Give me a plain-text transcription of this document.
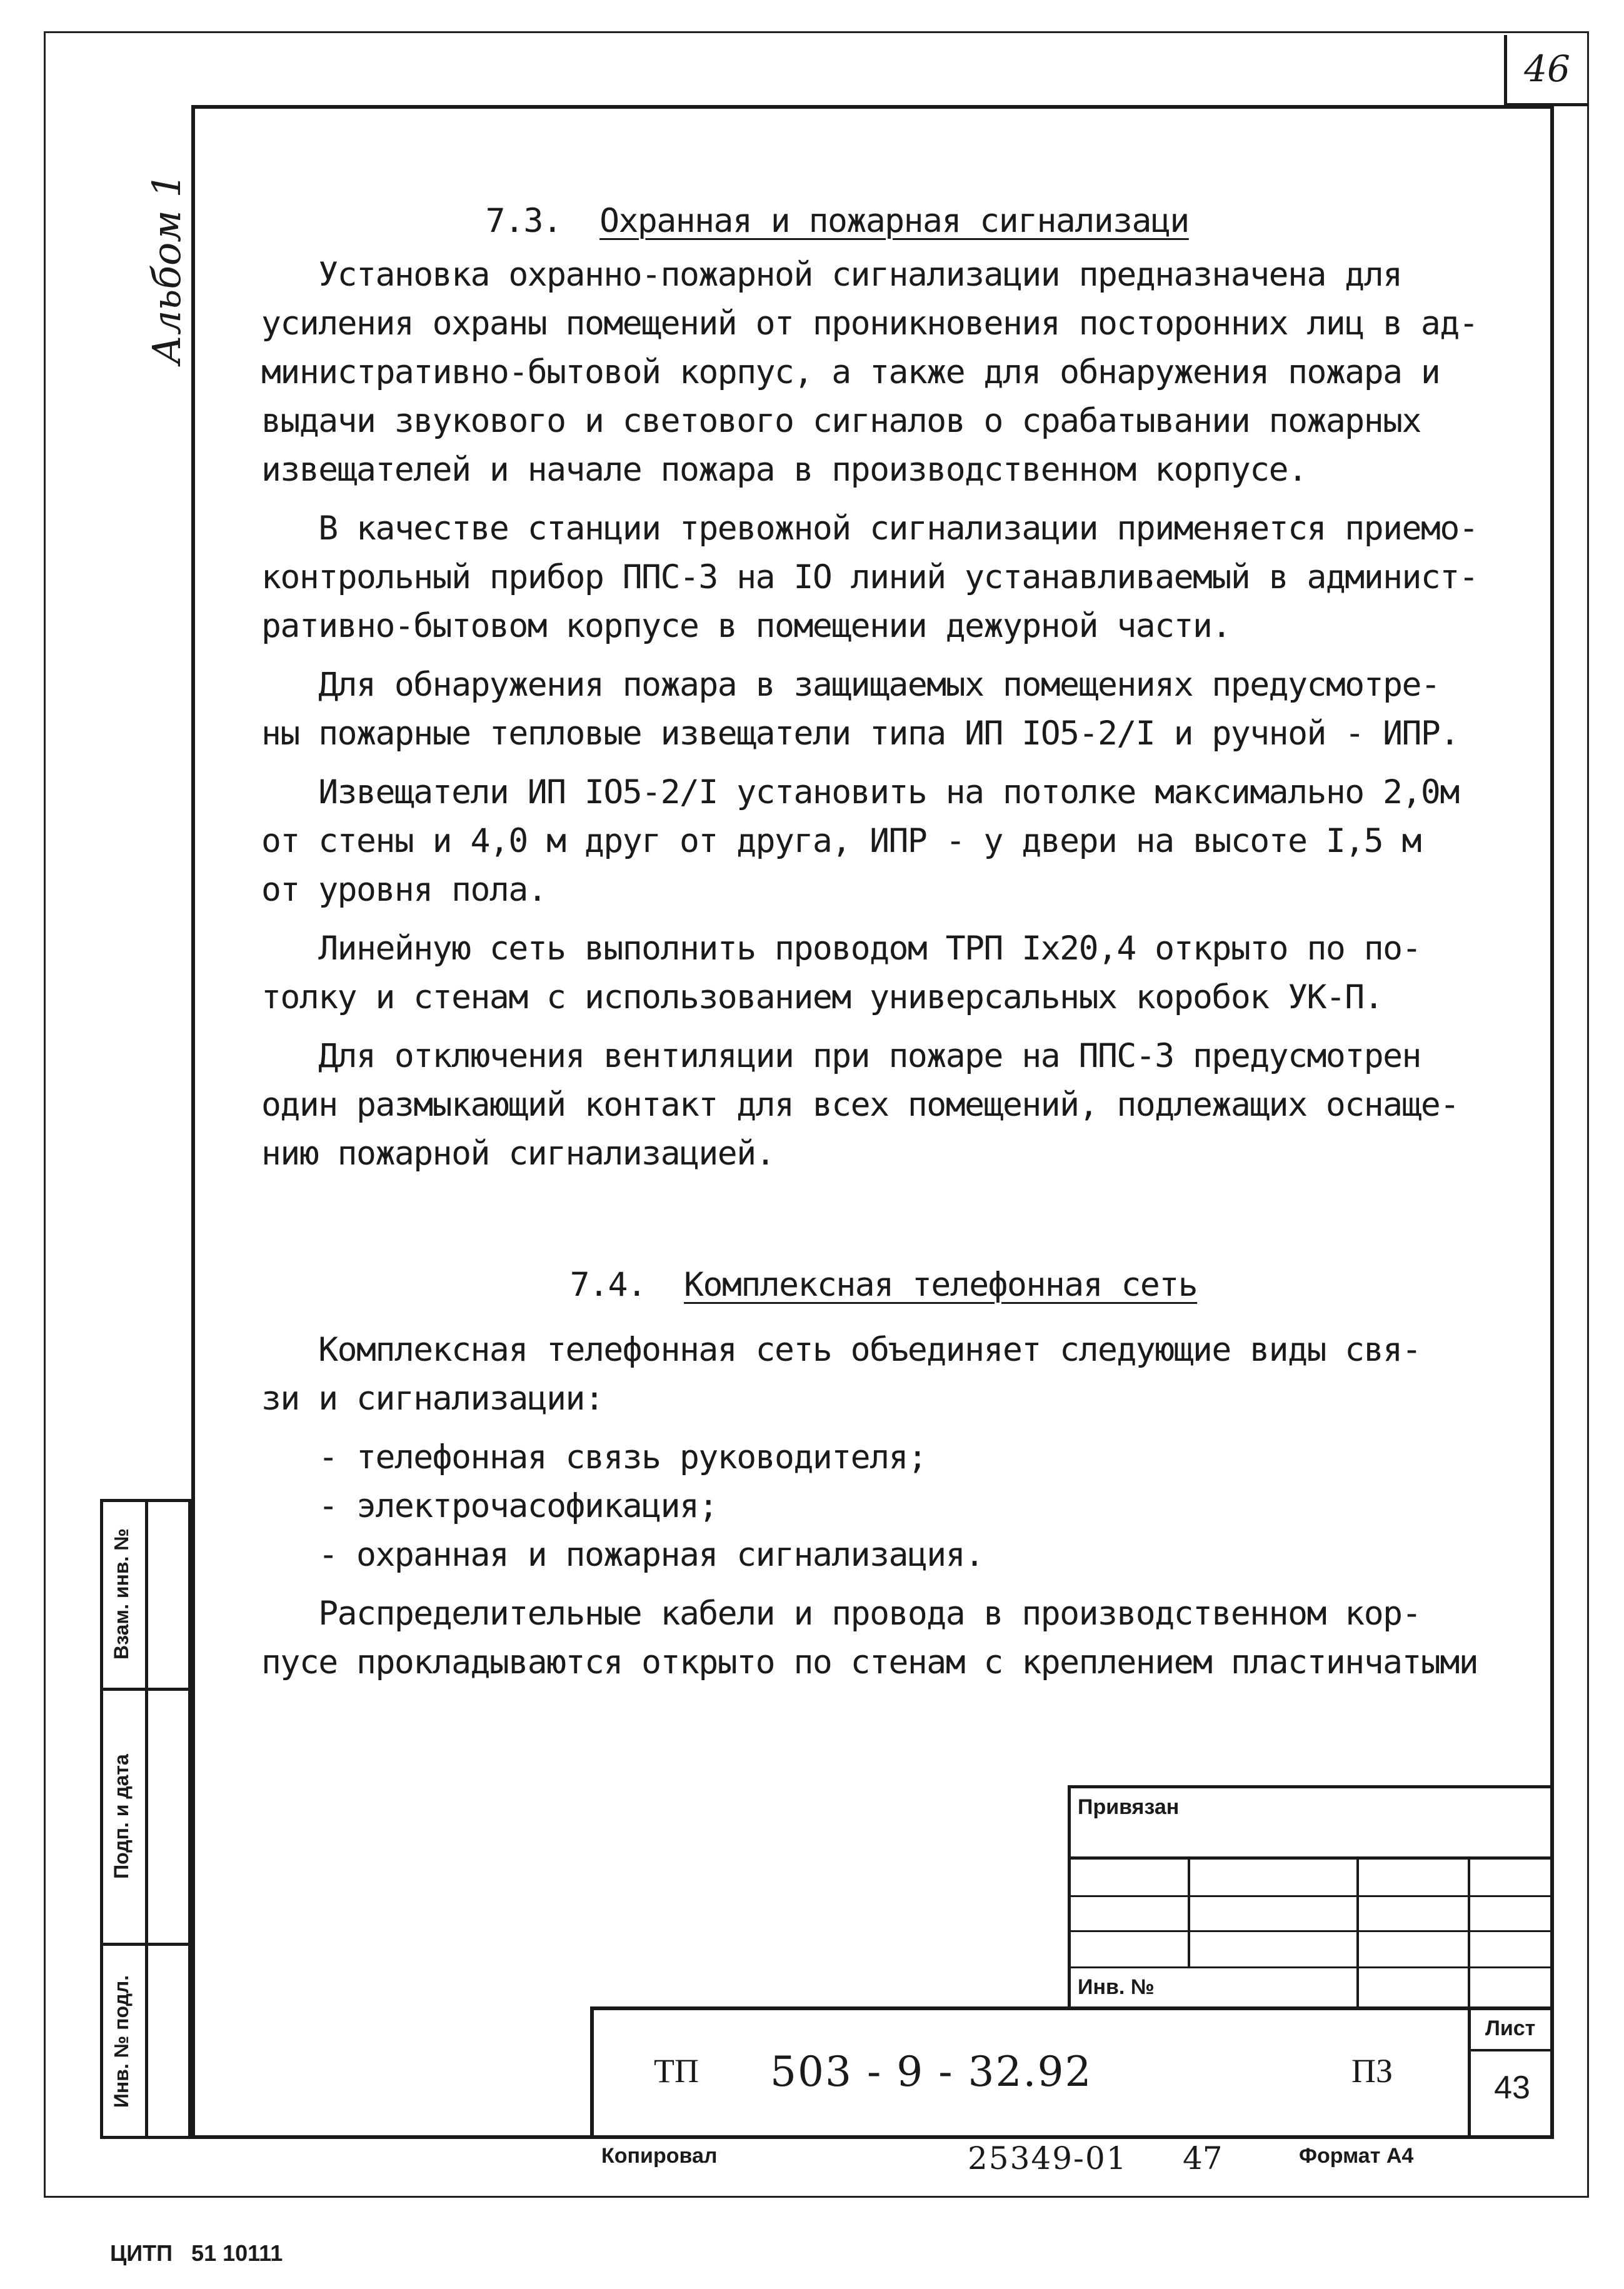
46
Альбом 1	7.3. Охранная и пожарная сигнализаци

Установка охранно-пожарной сигнализации предназначена для
усиления охраны помещений от проникновения посторонних лиц в ад-
министративно-бытовой корпус, а также для обнаружения пожара и
выдачи звукового и светового сигналов о срабатывании пожарных
извещателей и начале пожара в производственном корпусе.
В качестве станции тревожной сигнализации применяется приемо-
контрольный прибор ППС-3 на IO линий устанавливаемый в админист-
ративно-бытовом корпусе в помещении дежурной части.
Для обнаружения пожара в защищаемых помещениях предусмотре-
ны пожарные тепловые извещатели типа ИП IO5-2/I и ручной - ИПР.
Извещатели ИП IO5-2/I установить на потолке максимально 2,0м
от стены и 4,0 м друг от друга, ИПР - у двери на высоте I,5 м
от уровня пола.
Линейную сеть выполнить проводом ТРП Iх20,4 открыто по по-
толку и стенам с использованием универсальных коробок УК-П.
Для отключения вентиляции при пожаре на ППС-3 предусмотрен
один размыкающий контакт для всех помещений, подлежащих оснаще-
нию пожарной сигнализацией.

7.4. Комплексная телефонная сеть

Комплексная телефонная сеть объединяет следующие виды свя-
зи и сигнализации:
- телефонная связь руководителя;
- электрочасофикация;
- охранная и пожарная сигнализация.
Распределительные кабели и провода в производственном кор-
пусе прокладываются открыто по стенам с креплением пластинчатыми
Взам. инв. №
Подп. и дата
Инв. № подл.
Привязан
Инв. №
ТП 503 - 9 - 32.92	ПЗ
Лист
43
Копировал	25349-01 47	Формат А4
ЦИТП   51 10111
